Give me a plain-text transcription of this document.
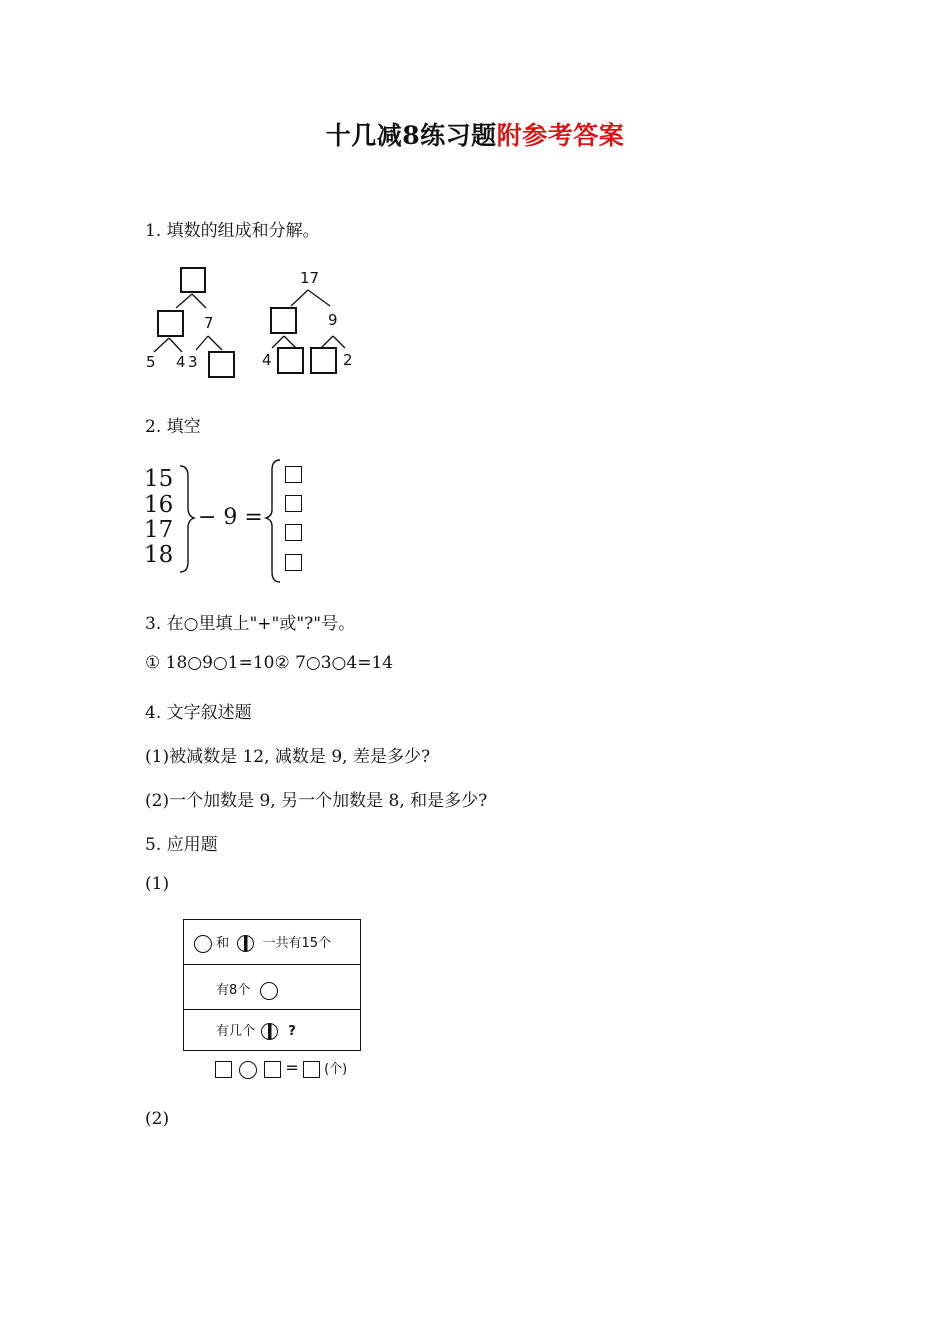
十几减8练习题附参考答案
1. 填数的组成和分解。
7
5 4 3
17
9
4	2
2. 填空
15
16
17
18
− 9 =
3. 在○里填上"+"或"?"号。
① 18○9○1=10② 7○3○4=14
4. 文字叙述题
(1)被减数是 12, 减数是 9, 差是多少?
(2)一个加数是 9, 另一个加数是 8, 和是多少?
5. 应用题
(1)
和	一共有15个
有8个
有几个	?
= (个)
(2)
